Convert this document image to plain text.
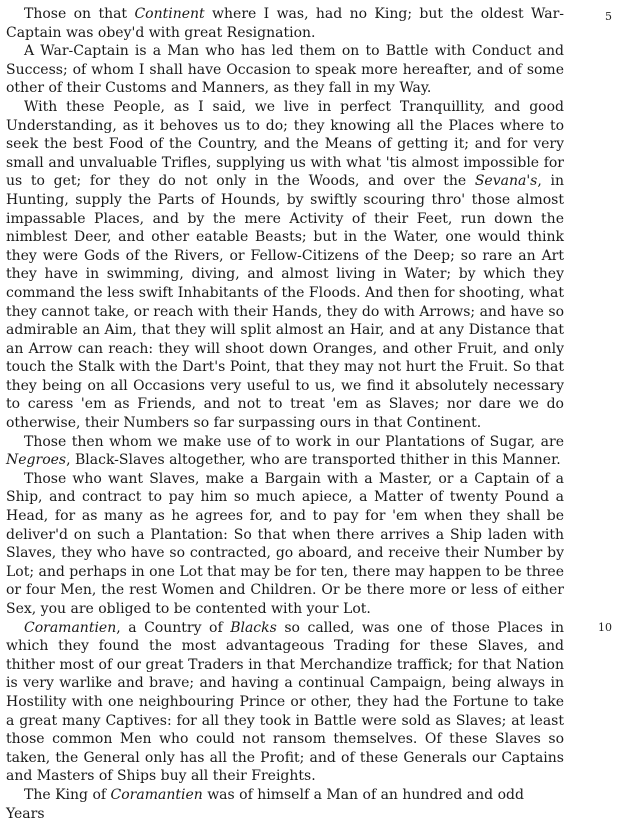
Those on that Continent where I was, had no King; but the oldest War-Captain was obey'd with great Resignation.

A War-Captain is a Man who has led them on to Battle with Conduct and Success; of whom I shall have Occasion to speak more hereafter, and of some other of their Customs and Manners, as they fall in my Way.

With these People, as I said, we live in perfect Tranquillity, and good Understanding, as it behoves us to do; they knowing all the Places where to seek the best Food of the Country, and the Means of getting it; and for very small and unvaluable Trifles, supplying us with what 'tis almost impossible for us to get; for they do not only in the Woods, and over the Sevana's, in Hunting, supply the Parts of Hounds, by swiftly scouring thro' those almost impassable Places, and by the mere Activity of their Feet, run down the nimblest Deer, and other eatable Beasts; but in the Water, one would think they were Gods of the Rivers, or Fellow-Citizens of the Deep; so rare an Art they have in swimming, diving, and almost living in Water; by which they command the less swift Inhabitants of the Floods. And then for shooting, what they cannot take, or reach with their Hands, they do with Arrows; and have so admirable an Aim, that they will split almost an Hair, and at any Distance that an Arrow can reach: they will shoot down Oranges, and other Fruit, and only touch the Stalk with the Dart's Point, that they may not hurt the Fruit. So that they being on all Occasions very useful to us, we find it absolutely necessary to caress 'em as Friends, and not to treat 'em as Slaves; nor dare we do otherwise, their Numbers so far surpassing ours in that Continent.

Those then whom we make use of to work in our Plantations of Sugar, are Negroes, Black-Slaves altogether, who are transported thither in this Manner.

Those who want Slaves, make a Bargain with a Master, or a Captain of a Ship, and contract to pay him so much apiece, a Matter of twenty Pound a Head, for as many as he agrees for, and to pay for 'em when they shall be deliver'd on such a Plantation: So that when there arrives a Ship laden with Slaves, they who have so contracted, go aboard, and receive their Number by Lot; and perhaps in one Lot that may be for ten, there may happen to be three or four Men, the rest Women and Children. Or be there more or less of either Sex, you are obliged to be contented with your Lot.

Coramantien, a Country of Blacks so called, was one of those Places in which they found the most advantageous Trading for these Slaves, and thither most of our great Traders in that Merchandize traffick; for that Nation is very warlike and brave; and having a continual Campaign, being always in Hostility with one neighbouring Prince or other, they had the Fortune to take a great many Captives: for all they took in Battle were sold as Slaves; at least those common Men who could not ransom themselves. Of these Slaves so taken, the General only has all the Profit; and of these Generals our Captains and Masters of Ships buy all their Freights.

The King of Coramantien was of himself a Man of an hundred and odd Years

5
10
